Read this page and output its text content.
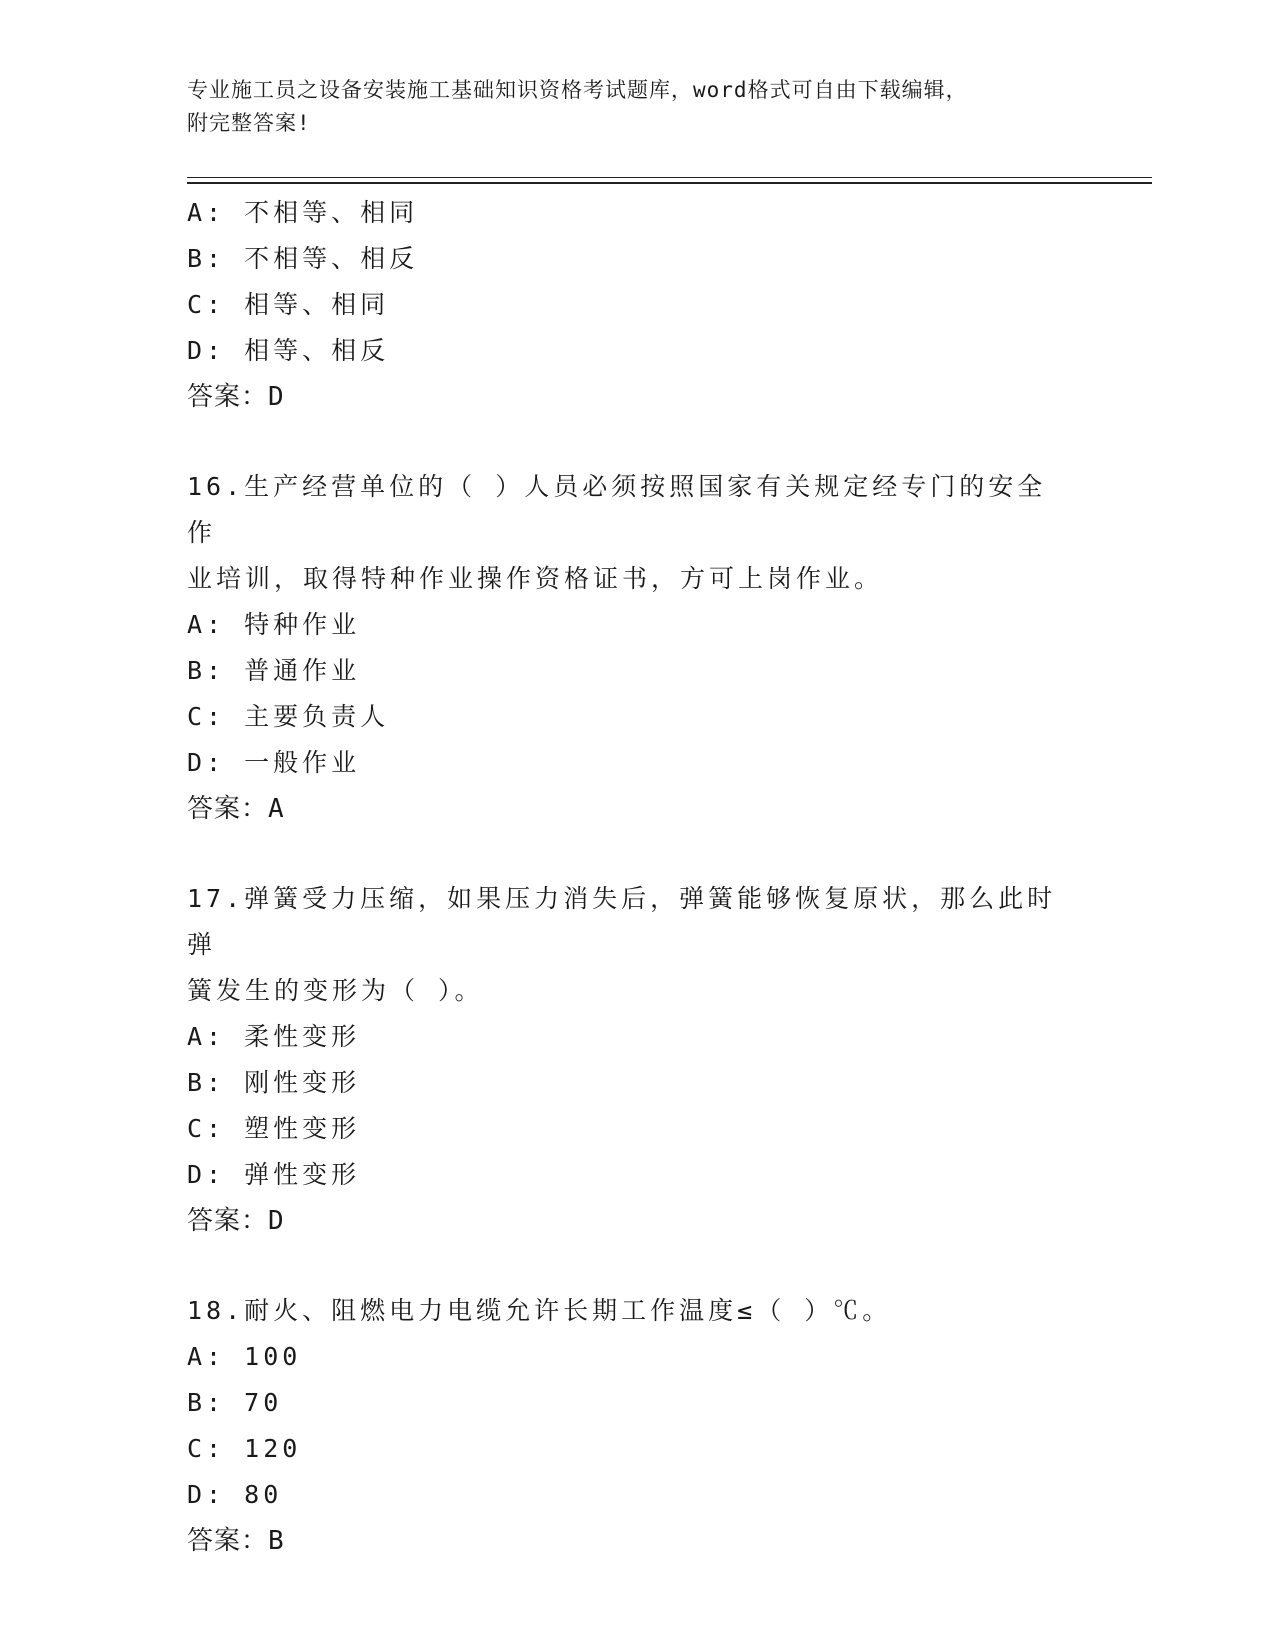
专业施工员之设备安装施工基础知识资格考试题库，word格式可自由下载编辑，
附完整答案!
A: 不相等、相同
B: 不相等、相反
C: 相等、相同
D: 相等、相反
答案：D
16.生产经营单位的（ ）人员必须按照国家有关规定经专门的安全作
业培训，取得特种作业操作资格证书，方可上岗作业。
A: 特种作业
B: 普通作业
C: 主要负责人
D: 一般作业
答案：A
17.弹簧受力压缩，如果压力消失后，弹簧能够恢复原状，那么此时弹
簧发生的变形为（ ）。
A: 柔性变形
B: 刚性变形
C: 塑性变形
D: 弹性变形
答案：D
18.耐火、阻燃电力电缆允许长期工作温度≤（ ）℃。
A: 100
B: 70
C: 120
D: 80
答案：B
